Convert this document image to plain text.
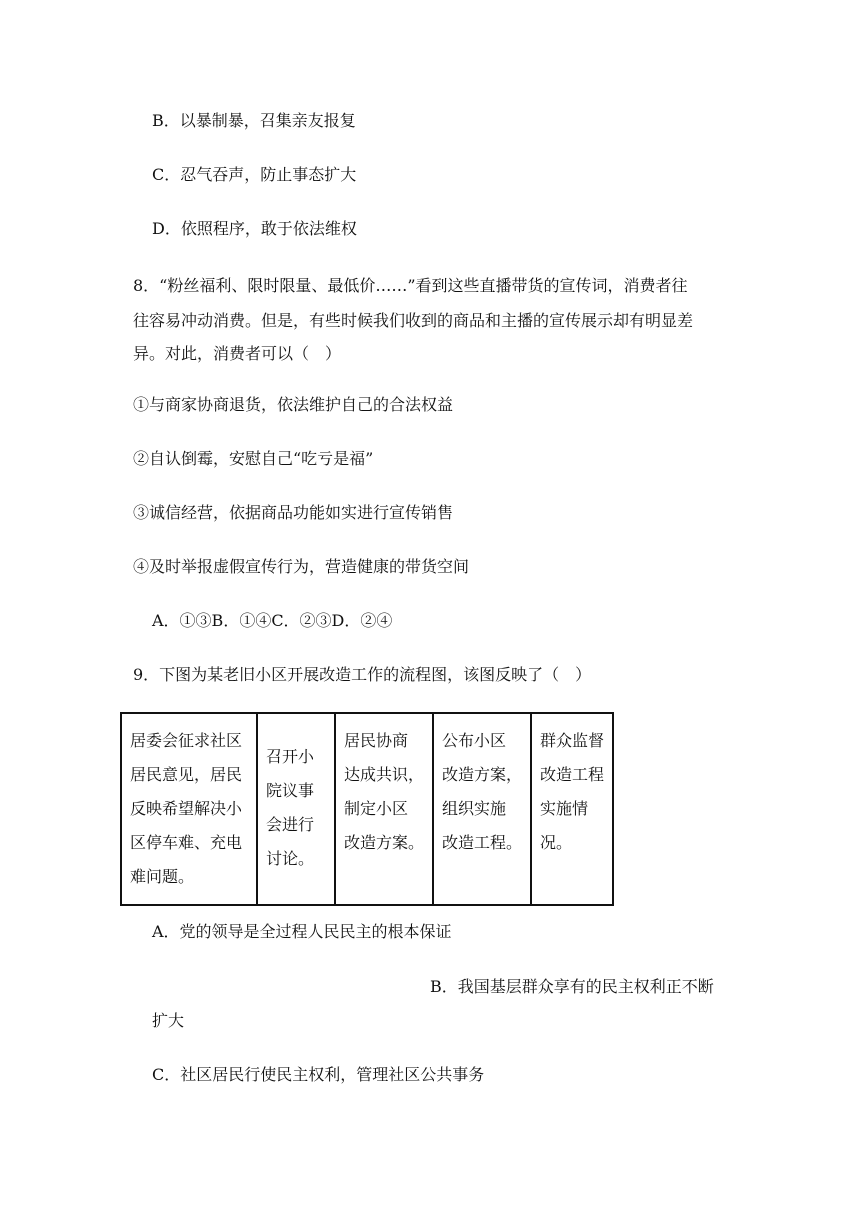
B．以暴制暴，召集亲友报复
C．忍气吞声，防止事态扩大
D．依照程序，敢于依法维权
8．“粉丝福利、限时限量、最低价……”看到这些直播带货的宣传词，消费者往
往容易冲动消费。但是，有些时候我们收到的商品和主播的宣传展示却有明显差
异。对此，消费者可以（　）
①与商家协商退货，依法维护自己的合法权益
②自认倒霉，安慰自己“吃亏是福”
③诚信经营，依据商品功能如实进行宣传销售
④及时举报虚假宣传行为，营造健康的带货空间
A．①③B．①④C．②③D．②④
9．下图为某老旧小区开展改造工作的流程图，该图反映了（　）
居委会征求社区
居民意见，居民
反映希望解决小
区停车难、充电
难问题。

召开小
院议事
会进行
讨论。

居民协商
达成共识，
制定小区
改造方案。

公布小区
改造方案，
组织实施
改造工程。

群众监督
改造工程
实施情
况。
A．党的领导是全过程人民民主的根本保证
B．我国基层群众享有的民主权利正不断
扩大
C．社区居民行使民主权利，管理社区公共事务
